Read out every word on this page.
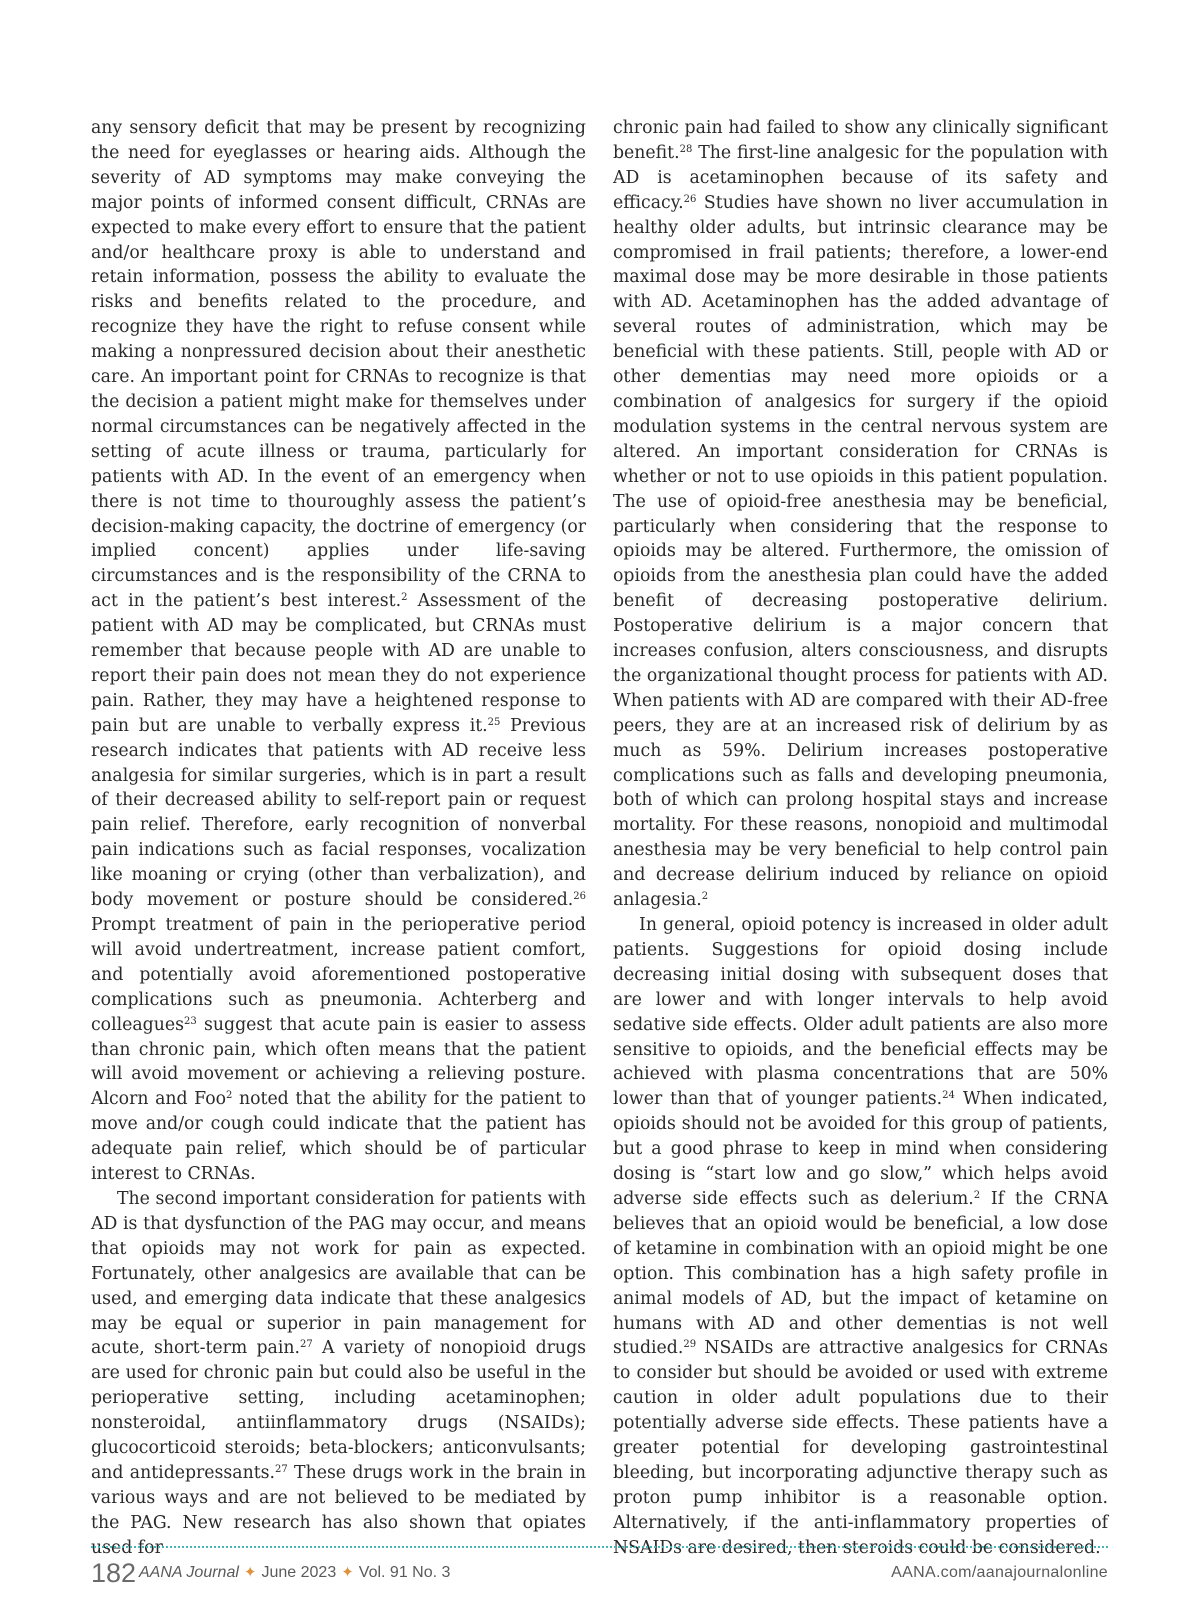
any sensory deficit that may be present by recognizing the need for eyeglasses or hearing aids. Although the severity of AD symptoms may make conveying the major points of informed consent difficult, CRNAs are expected to make every effort to ensure that the patient and/or healthcare proxy is able to understand and retain information, possess the ability to evaluate the risks and benefits related to the procedure, and recognize they have the right to refuse consent while making a nonpressured decision about their anesthetic care. An important point for CRNAs to recognize is that the decision a patient might make for themselves under normal circumstances can be negatively affected in the setting of acute illness or trauma, particularly for patients with AD. In the event of an emergency when there is not time to thouroughly assess the patient’s decision-making capacity, the doctrine of emergency (or implied concent) applies under life-saving circumstances and is the responsibility of the CRNA to act in the patient’s best interest.$^2$ Assessment of the patient with AD may be complicated, but CRNAs must remember that because people with AD are unable to report their pain does not mean they do not experience pain. Rather, they may have a heightened response to pain but are unable to verbally express it.$^{25}$ Previous research indicates that patients with AD receive less analgesia for similar surgeries, which is in part a result of their decreased ability to self-report pain or request pain relief. Therefore, early recognition of nonverbal pain indications such as facial responses, vocalization like moaning or crying (other than verbalization), and body movement or posture should be considered.$^{26}$ Prompt treatment of pain in the perioperative period will avoid undertreatment, increase patient comfort, and potentially avoid aforementioned postoperative complications such as pneumonia. Achterberg and colleagues$^{23}$ suggest that acute pain is easier to assess than chronic pain, which often means that the patient will avoid movement or achieving a relieving posture. Alcorn and Foo$^2$ noted that the ability for the patient to move and/or cough could indicate that the patient has adequate pain relief, which should be of particular interest to CRNAs.

The second important consideration for patients with AD is that dysfunction of the PAG may occur, and means that opioids may not work for pain as expected. Fortunately, other analgesics are available that can be used, and emerging data indicate that these analgesics may be equal or superior in pain management for acute, short-term pain.$^{27}$ A variety of nonopioid drugs are used for chronic pain but could also be useful in the perioperative setting, including acetaminophen; nonsteroidal, antiinflammatory drugs (NSAIDs); glucocorticoid steroids; beta-blockers; anticonvulsants; and antidepressants.$^{27}$ These drugs work in the brain in various ways and are not believed to be mediated by the PAG. New research has also shown that opiates used for

chronic pain had failed to show any clinically significant benefit.$^{28}$ The first-line analgesic for the population with AD is acetaminophen because of its safety and efficacy.$^{26}$ Studies have shown no liver accumulation in healthy older adults, but intrinsic clearance may be compromised in frail patients; therefore, a lower-end maximal dose may be more desirable in those patients with AD. Acetaminophen has the added advantage of several routes of administration, which may be beneficial with these patients. Still, people with AD or other dementias may need more opioids or a combination of analgesics for surgery if the opioid modulation systems in the central nervous system are altered. An important consideration for CRNAs is whether or not to use opioids in this patient population. The use of opioid-free anesthesia may be beneficial, particularly when considering that the response to opioids may be altered. Furthermore, the omission of opioids from the anesthesia plan could have the added benefit of decreasing postoperative delirium. Postoperative delirium is a major concern that increases confusion, alters consciousness, and disrupts the organizational thought process for patients with AD. When patients with AD are compared with their AD-free peers, they are at an increased risk of delirium by as much as 59%. Delirium increases postoperative complications such as falls and developing pneumonia, both of which can prolong hospital stays and increase mortality. For these reasons, nonopioid and multimodal anesthesia may be very beneficial to help control pain and decrease delirium induced by reliance on opioid anlagesia.$^2$

In general, opioid potency is increased in older adult patients. Suggestions for opioid dosing include decreasing initial dosing with subsequent doses that are lower and with longer intervals to help avoid sedative side effects. Older adult patients are also more sensitive to opioids, and the beneficial effects may be achieved with plasma concentrations that are 50% lower than that of younger patients.$^{24}$ When indicated, opioids should not be avoided for this group of patients, but a good phrase to keep in mind when considering dosing is “start low and go slow,” which helps avoid adverse side effects such as delerium.$^2$ If the CRNA believes that an opioid would be beneficial, a low dose of ketamine in combination with an opioid might be one option. This combination has a high safety profile in animal models of AD, but the impact of ketamine on humans with AD and other dementias is not well studied.$^{29}$ NSAIDs are attractive analgesics for CRNAs to consider but should be avoided or used with extreme caution in older adult populations due to their potentially adverse side effects. These patients have a greater potential for developing gastrointestinal bleeding, but incorporating adjunctive therapy such as proton pump inhibitor is a reasonable option. Alternatively, if the anti-inflammatory properties of NSAIDs are desired, then steroids could be considered.

182 AANA Journal ✦ June 2023 ✦ Vol. 91 No. 3	AANA.com/aanajournalonline
